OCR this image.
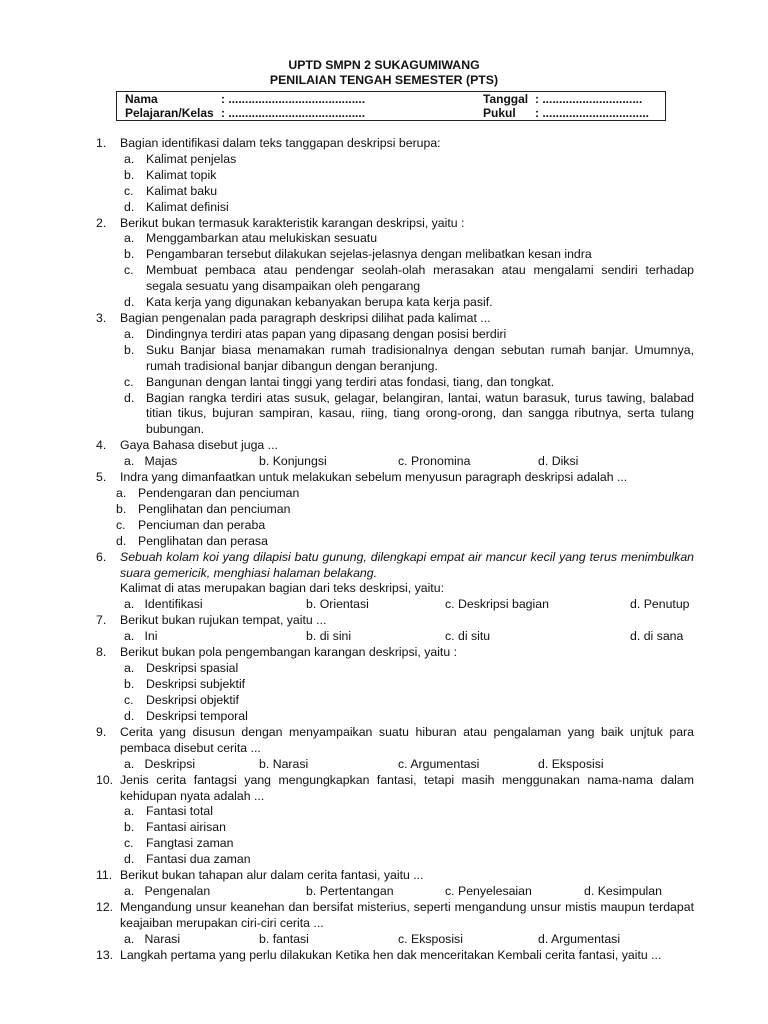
UPTD SMPN 2 SUKAGUMIWANG
PENILAIAN TENGAH SEMESTER (PTS)
Nama	: .........................................	Tanggal : ..............................
Pelajaran/Kelas : .........................................	Pukul : ................................
1. Bagian identifikasi dalam teks tanggapan deskripsi berupa:
a. Kalimat penjelas
b. Kalimat topik
c. Kalimat baku
d. Kalimat definisi
2. Berikut bukan termasuk karakteristik karangan deskripsi, yaitu :
a. Menggambarkan atau melukiskan sesuatu
b. Pengambaran tersebut dilakukan sejelas-jelasnya dengan melibatkan kesan indra
c. Membuat pembaca atau pendengar seolah-olah merasakan atau mengalami sendiri terhadap segala sesuatu yang disampaikan oleh pengarang
d. Kata kerja yang digunakan kebanyakan berupa kata kerja pasif.
3. Bagian pengenalan pada paragraph deskripsi dilihat pada kalimat ...
a. Dindingnya terdiri atas papan yang dipasang dengan posisi berdiri
b. Suku Banjar biasa menamakan rumah tradisionalnya dengan sebutan rumah banjar. Umumnya, rumah tradisional banjar dibangun dengan beranjung.
c. Bangunan dengan lantai tinggi yang terdiri atas fondasi, tiang, dan tongkat.
d. Bagian rangka terdiri atas susuk, gelagar, belangiran, lantai, watun barasuk, turus tawing, balabad titian tikus, bujuran sampiran, kasau, riing, tiang orong-orong, dan sangga ributnya, serta tulang bubungan.
4. Gaya Bahasa disebut juga ...
a. Majas	b. Konjungsi	c. Pronomina	d. Diksi
5. Indra yang dimanfaatkan untuk melakukan sebelum menyusun paragraph deskripsi adalah ...
a. Pendengaran dan penciuman
b. Penglihatan dan penciuman
c. Penciuman dan peraba
d. Penglihatan dan perasa
6. Sebuah kolam koi yang dilapisi batu gunung, dilengkapi empat air mancur kecil yang terus menimbulkan suara gemericik, menghiasi halaman belakang.
Kalimat di atas merupakan bagian dari teks deskripsi, yaitu:
a. Identifikasi	b. Orientasi	c. Deskripsi bagian	d. Penutup
7. Berikut bukan rujukan tempat, yaitu ...
a. Ini	b. di sini	c. di situ	d. di sana
8. Berikut bukan pola pengembangan karangan deskripsi, yaitu :
a. Deskripsi spasial
b. Deskripsi subjektif
c. Deskripsi objektif
d. Deskripsi temporal
9. Cerita yang disusun dengan menyampaikan suatu hiburan atau pengalaman yang baik unjtuk para pembaca disebut cerita ...
a. Deskripsi	b. Narasi	c. Argumentasi	d. Eksposisi
10. Jenis cerita fantagsi yang mengungkapkan fantasi, tetapi masih menggunakan nama-nama dalam kehidupan nyata adalah ...
a. Fantasi total
b. Fantasi airisan
c. Fangtasi zaman
d. Fantasi dua zaman
11. Berikut bukan tahapan alur dalam cerita fantasi, yaitu ...
a. Pengenalan	b. Pertentangan	c. Penyelesaian	d. Kesimpulan
12. Mengandung unsur keanehan dan bersifat misterius, seperti mengandung unsur mistis maupun terdapat keajaiban merupakan ciri-ciri cerita ...
a. Narasi	b. fantasi	c. Eksposisi	d. Argumentasi
13. Langkah pertama yang perlu dilakukan Ketika hen dak menceritakan Kembali cerita fantasi, yaitu ...
